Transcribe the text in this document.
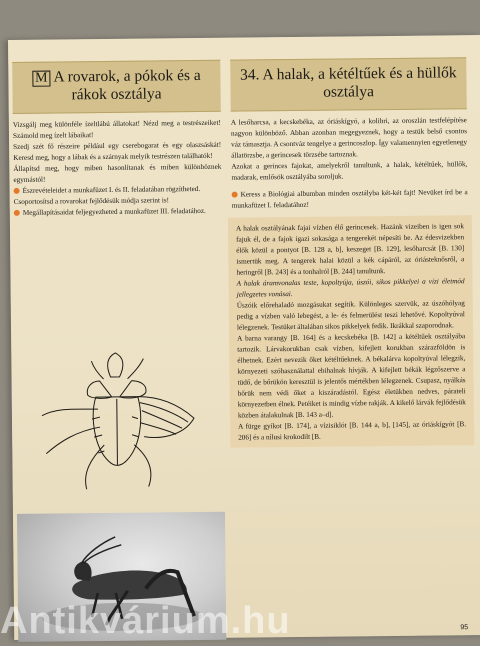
M A rovarok, a pókok és a rákok osztálya

Vizsgálj meg különféle ízeltlábú állatokat! Nézd meg a testrészeiket! Számold meg ízelt lábaikat!

Szedj szét fő részeire például egy cserebogarat és egy olaszsáskát! Keresd meg, hogy a lábak és a szárnyak melyik testrészen találhatók!

Állapítsd meg, hogy miben hasonlítanak és miben különböznek egymástól!

Észrevételeidet a munkafüzet I. és II. feladatában rögzítheted.

Csoportosítsd a rovarokat fejlődésük módja szerint is!

Megállapításaidat feljegyezheted a munkafüzet III. feladatához.

34. A halak, a kétéltűek és a hüllők osztálya

A lesőharcsa, a kecskebéka, az óriáskígyó, a kolibri, az oroszlán testfelépítése nagyon különböző. Abban azonban megegyeznek, hogy a testük belső csontos váz támasztja. A csontváz tengelye a gerincoszlop. Így valamennyien egyetlenegy állatörzsbe, a gerincesek törzsébe tartoznak.

Azokat a gerinces fajokat, amelyekről tanultunk, a halak, kétéltűek, hüllők, madarak, emlősök osztályába soroljuk.

Keress a Biológiai albumban minden osztályba két-két fajt! Nevüket írd be a munkafüzet I. feladatához!

A halak osztályának fajai vízben élő gerincesek. Hazánk vizeiben is igen sok fajuk él, de a fajok igazi sokasága a tengerekét népesíti be. Az édesvizekben élők közül a pontyot [B. 128 a, b], keszeget [B. 129], lesőharcsát [B. 130] ismertük meg. A tengerek halai közül a kék cápáról, az óriásteknősről, a heringről [B. 243] és a tonhalról [B. 244] tanultunk.

A halak áramvonalas teste, kopoltyúja, úszói, sikos pikkelyei a vízi életmód jellegzetes vonásai.

Úszóik előrehaladó mozgásukat segítik. Különleges szervük, az úszóhólyag pedig a vízben való lebegést, a le- és felmerülést teszi lehetővé. Kopoltyúval lélegzenek. Testüket általában sikos pikkelyek fedik. Ikrákkal szaporodnak.

A barna varangy [B. 164] és a kecskebéka [B. 142] a kétéltűek osztályába tartozik. Lárvakorukban csak vízben, kifejlett korukban szárazföldön is élhetnek. Ezért nevezik őket kétéltűeknek. A békalárva kopoltyúval lélegzik, környezeti szóhasználattal ebihalnak hívják. A kifejlett békák légzőszerve a tüdő, de bőrükön keresztül is jelentős mértékben lélegzenek. Csupasz, nyálkás bőrük nem védi őket a kiszáradástól. Egész életükben nedves, párateli környezetben élnek. Petéiket is mindig vízbe rakják. A kikelő lárvák fejlődésük közben átalakulnak [B. 143 a–d].

A fürge gyíkot [B. 174], a vízisiklót [B. 144 a, b], [145], az óriáskígyót [B. 206] és a nílusi krokodilt [B.

95
Antikvárium.hu
